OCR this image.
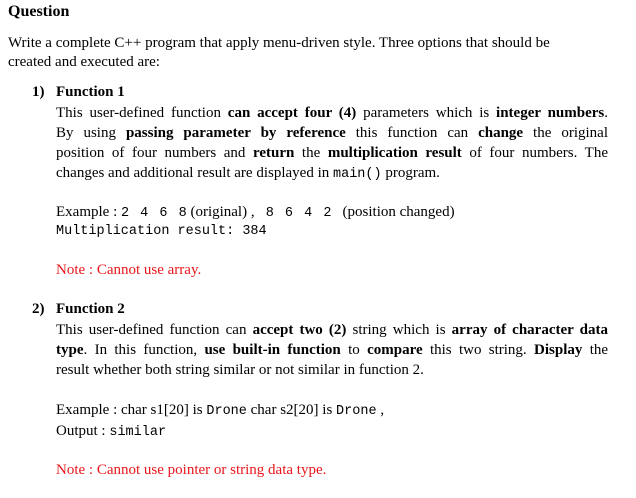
Question
Write a complete C++ program that apply menu-driven style. Three options that should be
created and executed are:
1) Function 1
This user-defined function can accept four (4) parameters which is integer numbers.
By using passing parameter by reference this function can change the original
position of four numbers and return the multiplication result of four numbers. The
changes and additional result are displayed in main() program.
Example : 2 4 6 8 (original) , 8 6 4 2 (position changed)
Multiplication result: 384
Note : Cannot use array.
2) Function 2
This user-defined function can accept two (2) string which is array of character data
type. In this function, use built-in function to compare this two string. Display the
result whether both string similar or not similar in function 2.
Example : char s1[20] is Drone char s2[20] is Drone ,
Output : similar
Note : Cannot use pointer or string data type.
